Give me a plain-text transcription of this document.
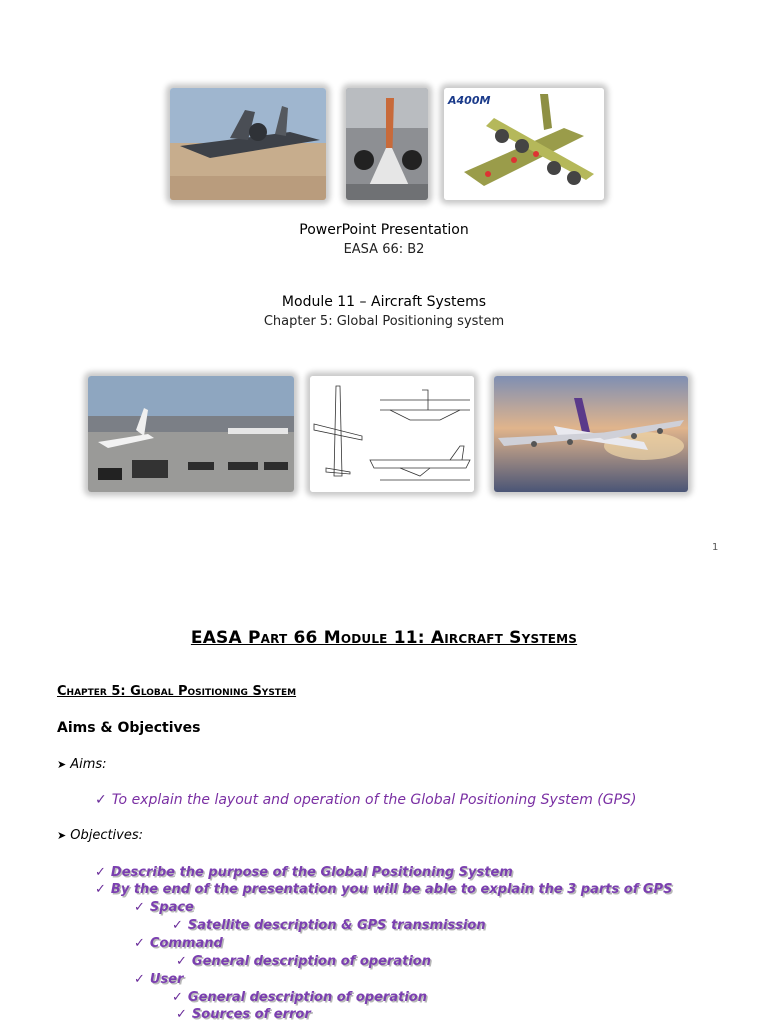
A400M
PowerPoint Presentation
EASA 66: B2
Module 11 – Aircraft Systems
Chapter 5: Global Positioning system
1
EASA Part 66 Module 11: Aircraft Systems
Chapter 5: Global Positioning System
Aims & Objectives
➤ Aims:
✓ To explain the layout and operation of the Global Positioning System (GPS)
➤ Objectives:
✓ Describe the purpose of the Global Positioning System
✓ By the end of the presentation you will be able to explain the 3 parts of GPS
✓ Space
✓ Satellite description & GPS transmission
✓ Command
✓ General description of operation
✓ User
✓ General description of operation
✓ Sources of error
